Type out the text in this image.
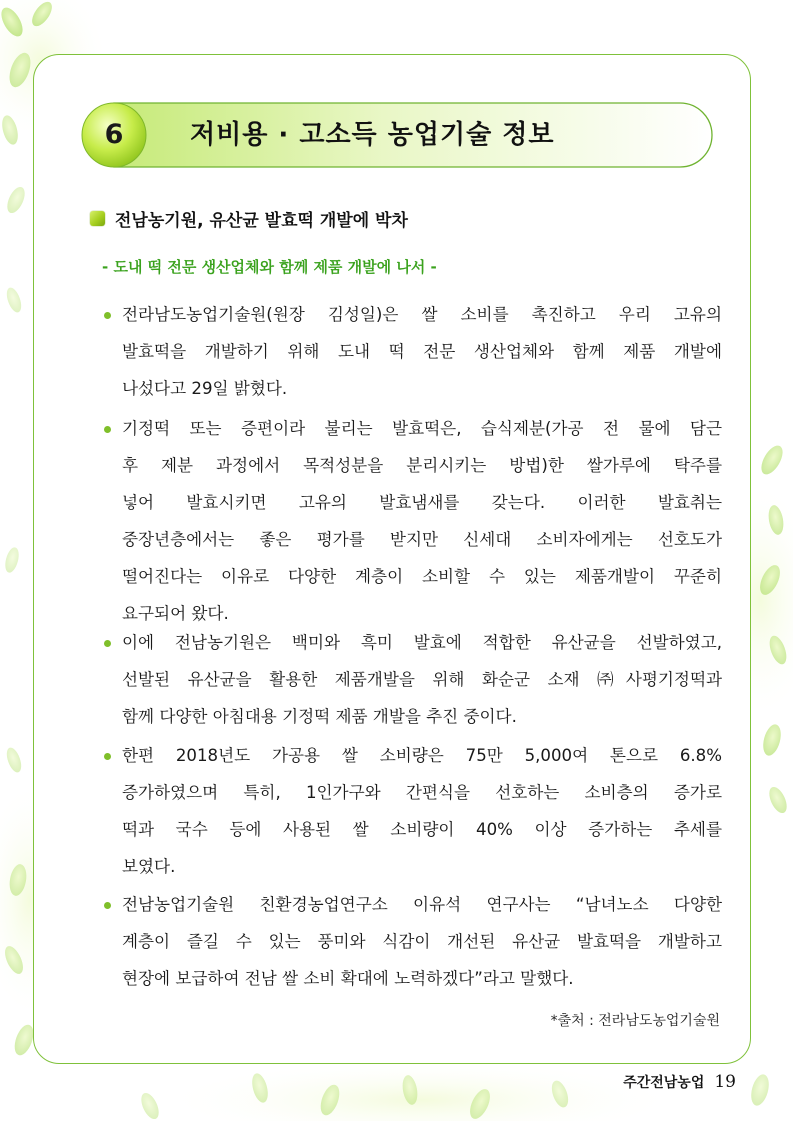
6	저비용 · 고소득 농업기술 정보
전남농기원, 유산균 발효떡 개발에 박차
- 도내 떡 전문 생산업체와 함께 제품 개발에 나서 -
전라남도농업기술원(원장 김성일)은 쌀 소비를 촉진하고 우리 고유의
발효떡을 개발하기 위해 도내 떡 전문 생산업체와 함께 제품 개발에
나섰다고 29일 밝혔다.
기정떡 또는 증편이라 불리는 발효떡은, 습식제분(가공 전 물에 담근
후 제분 과정에서 목적성분을 분리시키는 방법)한 쌀가루에 탁주를
넣어 발효시키면 고유의 발효냄새를 갖는다. 이러한 발효취는
중장년층에서는 좋은 평가를 받지만 신세대 소비자에게는 선호도가
떨어진다는 이유로 다양한 계층이 소비할 수 있는 제품개발이 꾸준히
요구되어 왔다.
이에 전남농기원은 백미와 흑미 발효에 적합한 유산균을 선발하였고,
선발된 유산균을 활용한 제품개발을 위해 화순군 소재 ㈜사평기정떡과
함께 다양한 아침대용 기정떡 제품 개발을 추진 중이다.
한편 2018년도 가공용 쌀 소비량은 75만 5,000여 톤으로 6.8%
증가하였으며 특히, 1인가구와 간편식을 선호하는 소비층의 증가로
떡과 국수 등에 사용된 쌀 소비량이 40% 이상 증가하는 추세를
보였다.
전남농업기술원 친환경농업연구소 이유석 연구사는 “남녀노소 다양한
계층이 즐길 수 있는 풍미와 식감이 개선된 유산균 발효떡을 개발하고
현장에 보급하여 전남 쌀 소비 확대에 노력하겠다”라고 말했다.
*출처 : 전라남도농업기술원
주간전남농업 19
